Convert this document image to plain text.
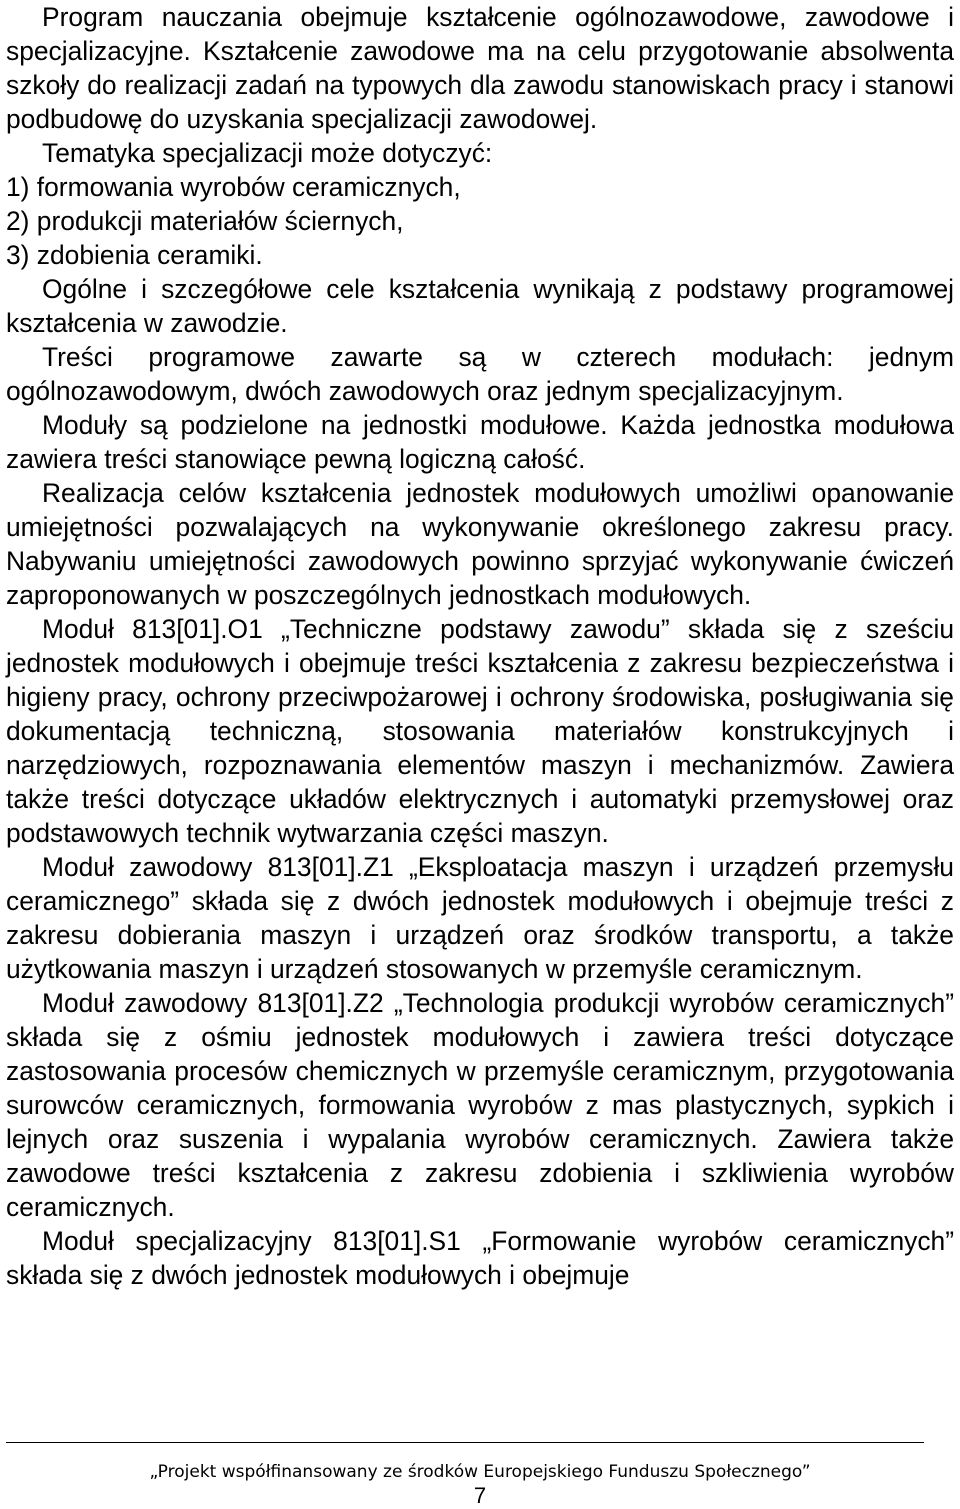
Program nauczania obejmuje kształcenie ogólnozawodowe, zawodowe i specjalizacyjne. Kształcenie zawodowe ma na celu przygotowanie absolwenta szkoły do realizacji zadań na typowych dla zawodu stanowiskach pracy i stanowi podbudowę do uzyskania specjalizacji zawodowej.

Tematyka specjalizacji może dotyczyć:

1) formowania wyrobów ceramicznych,

2) produkcji materiałów ściernych,

3) zdobienia ceramiki.

Ogólne i szczegółowe cele kształcenia wynikają z podstawy programowej kształcenia w zawodzie.

Treści programowe zawarte są w czterech modułach: jednym ogólnozawodowym, dwóch zawodowych oraz jednym specjalizacyjnym.

Moduły są podzielone na jednostki modułowe. Każda jednostka modułowa zawiera treści stanowiące pewną logiczną całość.

Realizacja celów kształcenia jednostek modułowych umożliwi opanowanie umiejętności pozwalających na wykonywanie określonego zakresu pracy. Nabywaniu umiejętności zawodowych powinno sprzyjać wykonywanie ćwiczeń zaproponowanych w poszczególnych jednostkach modułowych.

Moduł 813[01].O1 „Techniczne podstawy zawodu” składa się z sześciu jednostek modułowych i obejmuje treści kształcenia z zakresu bezpieczeństwa i higieny pracy, ochrony przeciwpożarowej i ochrony środowiska, posługiwania się dokumentacją techniczną, stosowania materiałów konstrukcyjnych i narzędziowych, rozpoznawania elementów maszyn i mechanizmów. Zawiera także treści dotyczące układów elektrycznych i automatyki przemysłowej oraz podstawowych technik wytwarzania części maszyn.

Moduł zawodowy 813[01].Z1 „Eksploatacja maszyn i urządzeń przemysłu ceramicznego” składa się z dwóch jednostek modułowych i obejmuje treści z zakresu dobierania maszyn i urządzeń oraz środków transportu, a także użytkowania maszyn i urządzeń stosowanych w przemyśle ceramicznym.

Moduł zawodowy 813[01].Z2 „Technologia produkcji wyrobów ceramicznych” składa się z ośmiu jednostek modułowych i zawiera treści dotyczące zastosowania procesów chemicznych w przemyśle ceramicznym, przygotowania surowców ceramicznych, formowania wyrobów z mas plastycznych, sypkich i lejnych oraz suszenia i wypalania wyrobów ceramicznych. Zawiera także zawodowe treści kształcenia z zakresu zdobienia i szkliwienia wyrobów ceramicznych.

Moduł specjalizacyjny 813[01].S1 „Formowanie wyrobów ceramicznych” składa się z dwóch jednostek modułowych i obejmuje

„Projekt współfinansowany ze środków Europejskiego Funduszu Społecznego”
7
